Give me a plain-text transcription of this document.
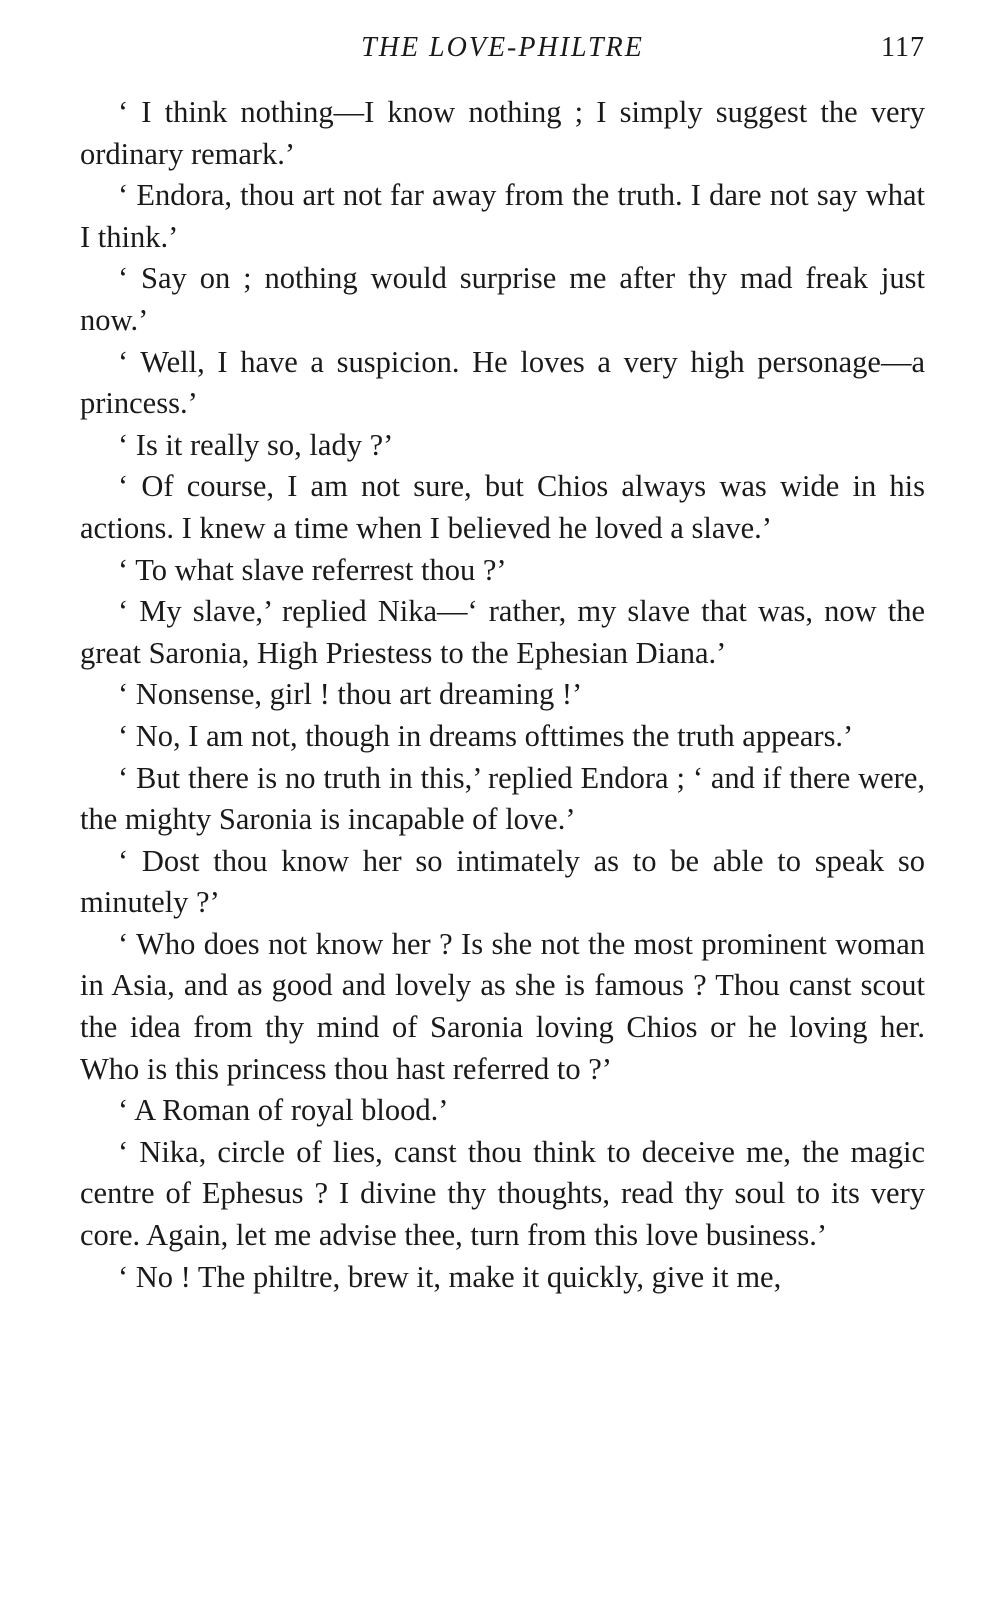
THE LOVE-PHILTRE	117

‘ I think nothing—I know nothing ; I simply suggest the very ordinary remark.’

‘ Endora, thou art not far away from the truth. I dare not say what I think.’

‘ Say on ; nothing would surprise me after thy mad freak just now.’

‘ Well, I have a suspicion. He loves a very high personage—a princess.’

‘ Is it really so, lady ?’

‘ Of course, I am not sure, but Chios always was wide in his actions. I knew a time when I believed he loved a slave.’

‘ To what slave referrest thou ?’

‘ My slave,’ replied Nika—‘ rather, my slave that was, now the great Saronia, High Priestess to the Ephesian Diana.’

‘ Nonsense, girl ! thou art dreaming !’

‘ No, I am not, though in dreams ofttimes the truth appears.’

‘ But there is no truth in this,’ replied Endora ; ‘ and if there were, the mighty Saronia is incapable of love.’

‘ Dost thou know her so intimately as to be able to speak so minutely ?’

‘ Who does not know her ? Is she not the most prominent woman in Asia, and as good and lovely as she is famous ? Thou canst scout the idea from thy mind of Saronia loving Chios or he loving her. Who is this princess thou hast referred to ?’

‘ A Roman of royal blood.’

‘ Nika, circle of lies, canst thou think to deceive me, the magic centre of Ephesus ? I divine thy thoughts, read thy soul to its very core. Again, let me advise thee, turn from this love business.’

‘ No ! The philtre, brew it, make it quickly, give it me,
